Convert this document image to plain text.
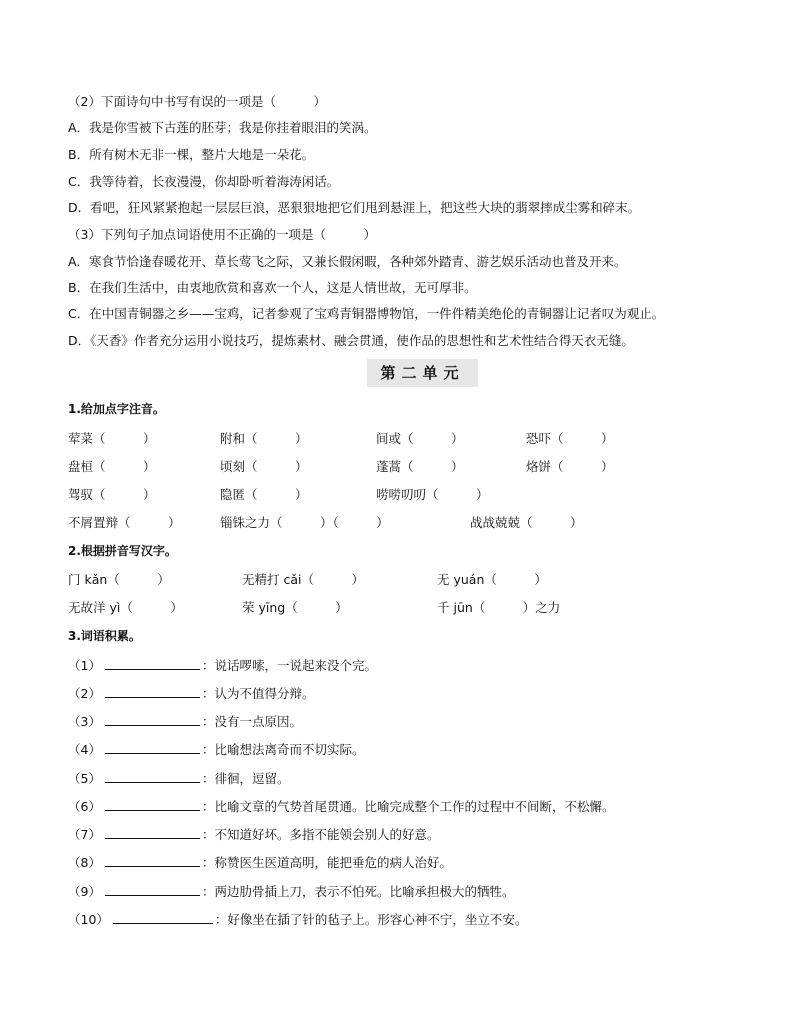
（2）下面诗句中书写有误的一项是（　　　）
A．我是你雪被下古莲的胚芽；我是你挂着眼泪的笑涡。
B．所有树木无非一棵，整片大地是一朵花。
C．我等待着，长夜漫漫，你却卧听着海涛闲话。
D．看吧，狂风紧紧抱起一层层巨浪，恶狠狠地把它们甩到悬涯上，把这些大块的翡翠摔成尘雾和碎末。
（3）下列句子加点词语使用不正确的一项是（　　　）
A．寒食节恰逢春暖花开、草长莺飞之际，又兼长假闲暇，各种郊外踏青、游艺娱乐活动也普及开来。
B．在我们生活中，由衷地欣赏和喜欢一个人，这是人情世故，无可厚非。
C．在中国青铜器之乡——宝鸡，记者参观了宝鸡青铜器博物馆，一件件精美绝伦的青铜器让记者叹为观止。
D．《天香》作者充分运用小说技巧，提炼素材、融会贯通，使作品的思想性和艺术性结合得天衣无缝。
第二单元
1.给加点字注音。
荤菜（　　　）	附和（　　　）	间或（　　　）	恐吓（　　　）
盘桓（　　　）	顷刻（　　　）	蓬蒿（　　　）	烙饼（　　　）
驾驭（　　　）	隐匿（　　　）	唠唠叨叨（　　　）
不屑置辩（　　　）	锱铢之力（　　　）（　　　）	战战兢兢（　　　）
2.根据拼音写汉字。
门 kǎn（　　　）	无精打 cǎi（　　　）	无 yuán（　　　）
无故洋 yì（　　　）	荣 yīng（　　　）	千 jūn（　　　）之力
3.词语积累。
（1）	：说话啰嗦，一说起来没个完。
（2）	：认为不值得分辩。
（3）	：没有一点原因。
（4）	：比喻想法离奇而不切实际。
（5）	：徘徊，逗留。
（6）	：比喻文章的气势首尾贯通。比喻完成整个工作的过程中不间断，不松懈。
（7）	：不知道好坏。多指不能领会别人的好意。
（8）	：称赞医生医道高明，能把垂危的病人治好。
（9）	：两边肋骨插上刀，表示不怕死。比喻承担极大的牺牲。
（10）	：好像坐在插了针的毡子上。形容心神不宁，坐立不安。
